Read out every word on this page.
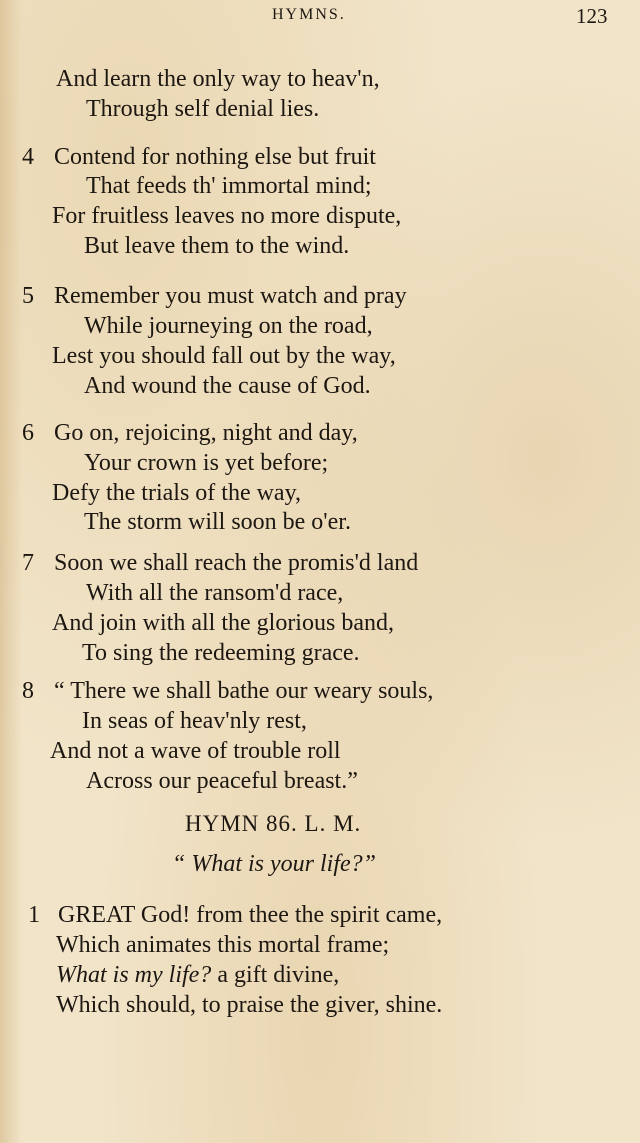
HYMNS.	123
And learn the only way to heav'n,
Through self denial lies.
4 Contend for nothing else but fruit
That feeds th' immortal mind;
For fruitless leaves no more dispute,
But leave them to the wind.
5 Remember you must watch and pray
While journeying on the road,
Lest you should fall out by the way,
And wound the cause of God.
6 Go on, rejoicing, night and day,
Your crown is yet before;
Defy the trials of the way,
The storm will soon be o'er.
7 Soon we shall reach the promis'd land
With all the ransom'd race,
And join with all the glorious band,
To sing the redeeming grace.
8 “ There we shall bathe our weary souls,
In seas of heav'nly rest,
And not a wave of trouble roll
Across our peaceful breast.”
HYMN 86. L. M.
“ What is your life?”
1 GREAT God! from thee the spirit came,
Which animates this mortal frame;
What is my life? a gift divine,
Which should, to praise the giver, shine.
